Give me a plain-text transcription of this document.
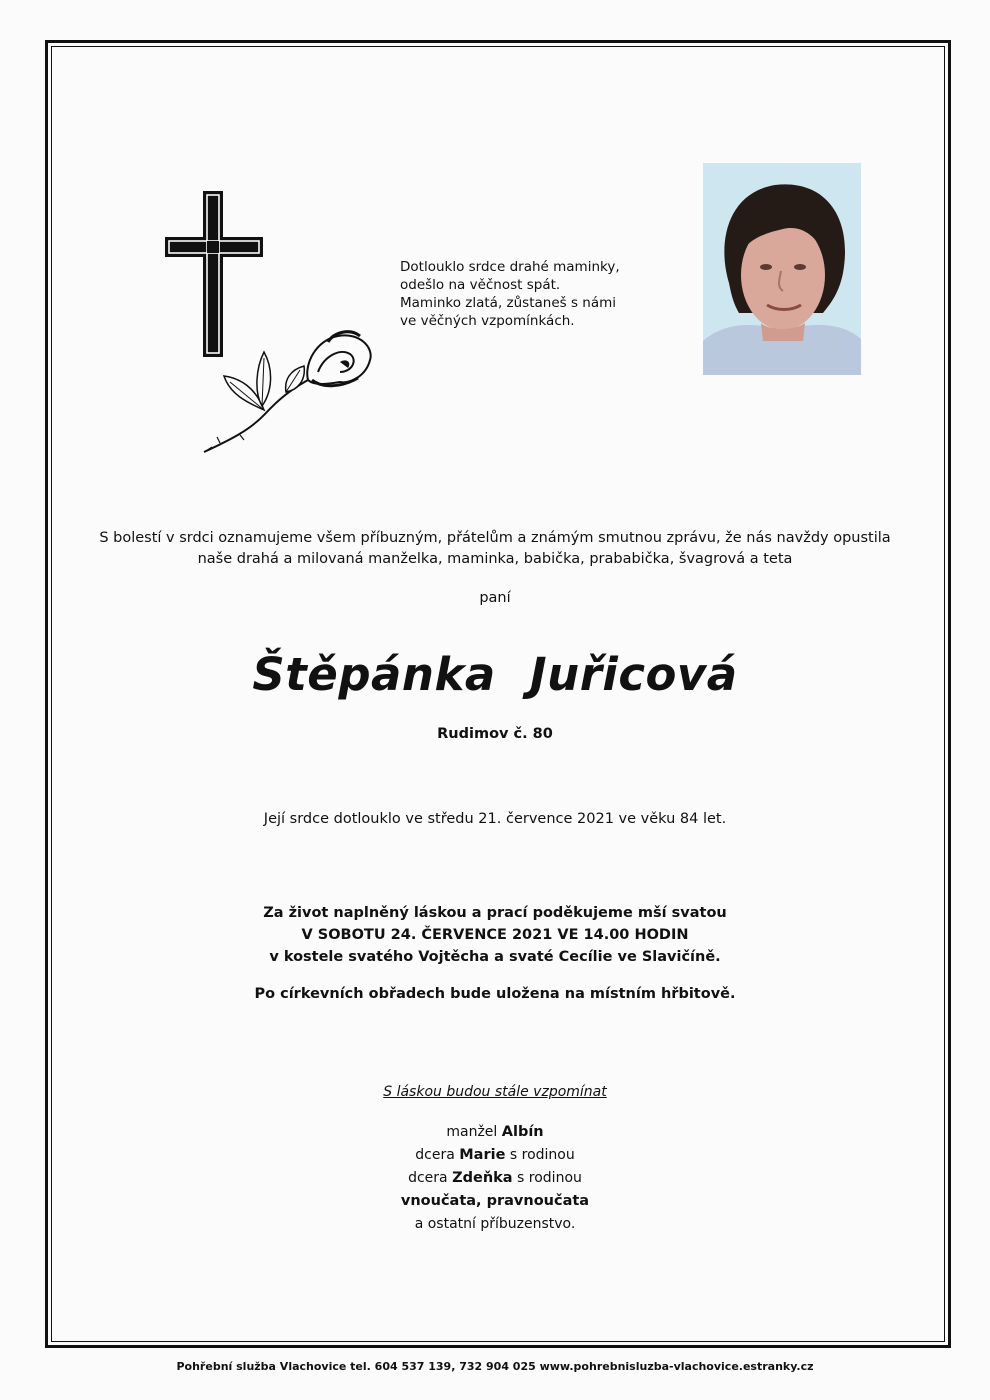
Dotlouklo srdce drahé maminky,
odešlo na věčnost spát.
Maminko zlatá, zůstaneš s námi
ve věčných vzpomínkách.
S bolestí v srdci oznamujeme všem příbuzným, přátelům a známým smutnou zprávu, že nás navždy opustila
naše drahá a milovaná manželka, maminka, babička, prababička, švagrová a teta
paní
Štěpánka Juřicová
Rudimov č. 80
Její srdce dotlouklo ve středu 21. července 2021 ve věku 84 let.
Za život naplněný láskou a prací poděkujeme mší svatou
V SOBOTU 24. ČERVENCE 2021 VE 14.00 HODIN
v kostele svatého Vojtěcha a svaté Cecílie ve Slavičíně.
Po církevních obřadech bude uložena na místním hřbitově.
S láskou budou stále vzpomínat
manžel Albín
dcera Marie s rodinou
dcera Zdeňka s rodinou
vnoučata, pravnoučata
a ostatní příbuzenstvo.
Pohřební služba Vlachovice tel. 604 537 139, 732 904 025 www.pohrebnisluzba-vlachovice.estranky.cz
